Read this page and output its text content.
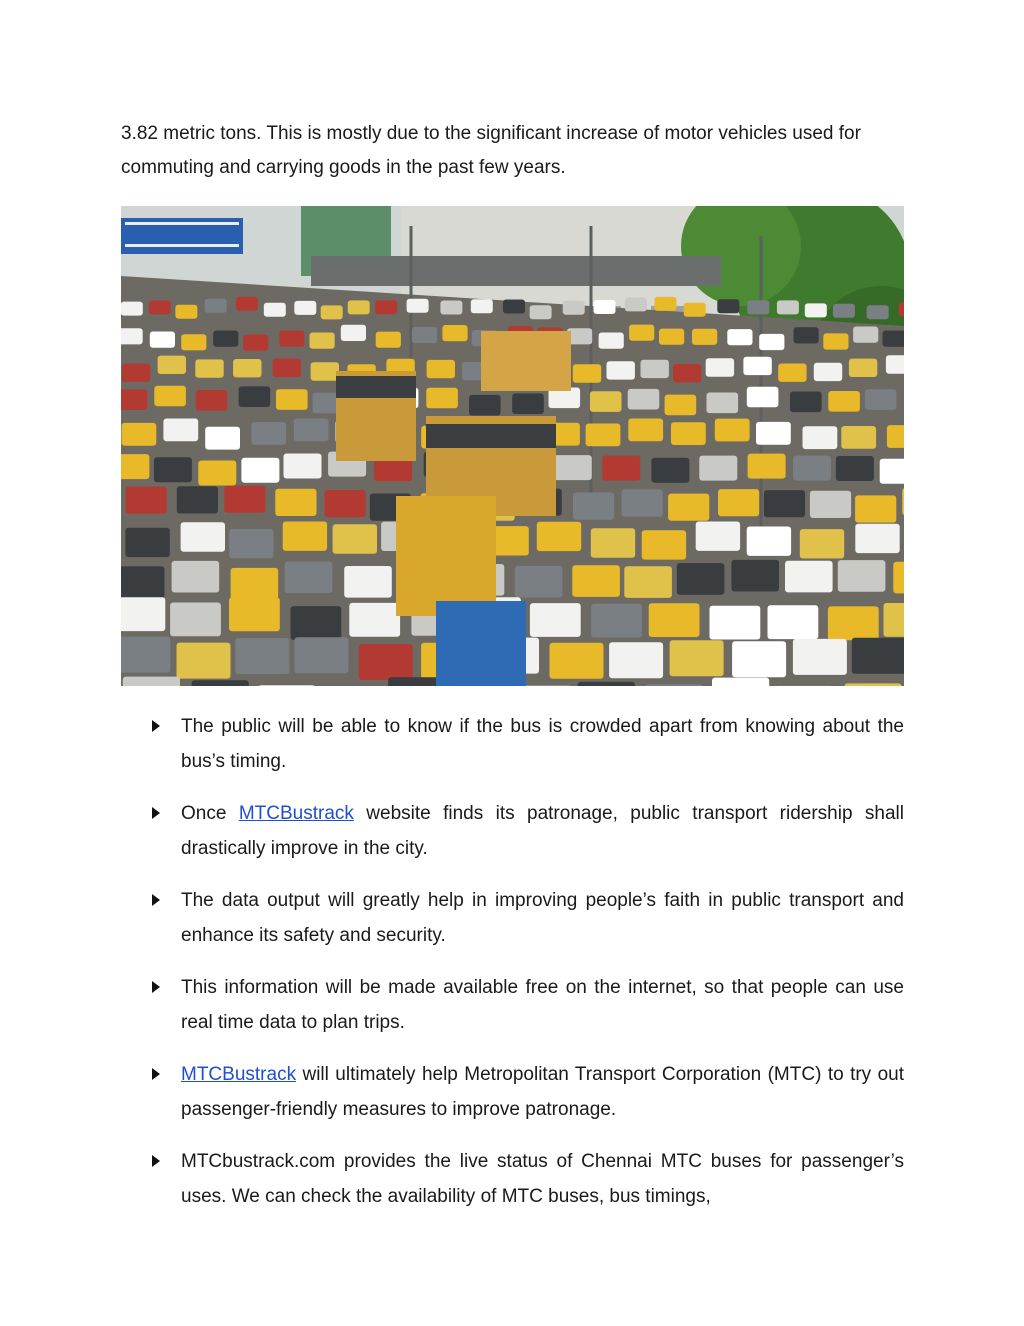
3.82 metric tons. This is mostly due to the significant increase of motor vehicles used for commuting and carrying goods in the past few years.

The public will be able to know if the bus is crowded apart from knowing about the bus’s timing.
Once MTCBustrack website finds its patronage, public transport ridership shall drastically improve in the city.
The data output will greatly help in improving people’s faith in public transport and enhance its safety and security.
This information will be made available free on the internet, so that people can use real time data to plan trips.
MTCBustrack will ultimately help Metropolitan Transport Corporation (MTC) to try out passenger-friendly measures to improve patronage.
MTCbustrack.com provides the live status of Chennai MTC buses for passenger’s uses. We can check the availability of MTC buses, bus timings,
